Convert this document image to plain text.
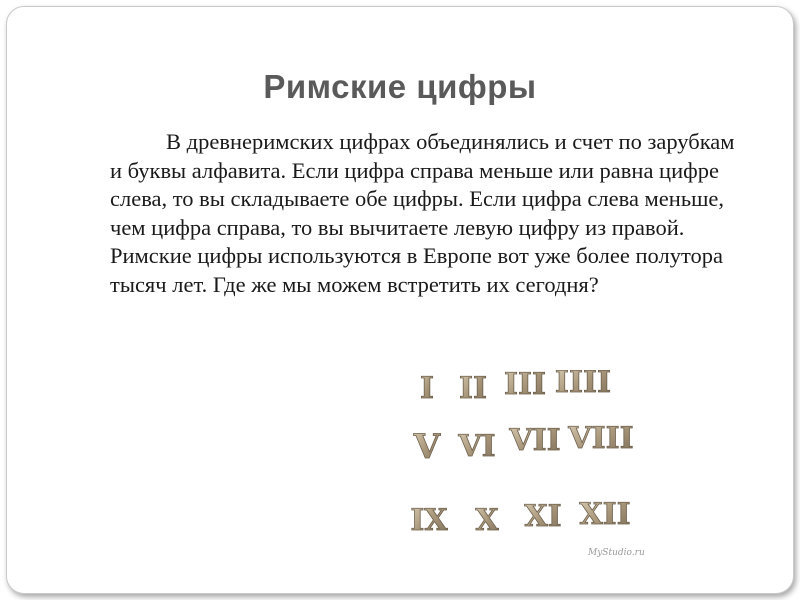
Римские цифры

В древнеримских цифрах объединялись и счет по зарубкам и буквы алфавита. Если цифра справа меньше или равна цифре слева, то вы складываете обе цифры. Если цифра слева меньше, чем цифра справа, то вы вычитаете левую цифру из правой.

Римские цифры используются в Европе вот уже более полутора тысяч лет. Где же мы можем встретить их сегодня?

I II III IIII
V VI VII VIII
IX X XI XII
MyStudio.ru
